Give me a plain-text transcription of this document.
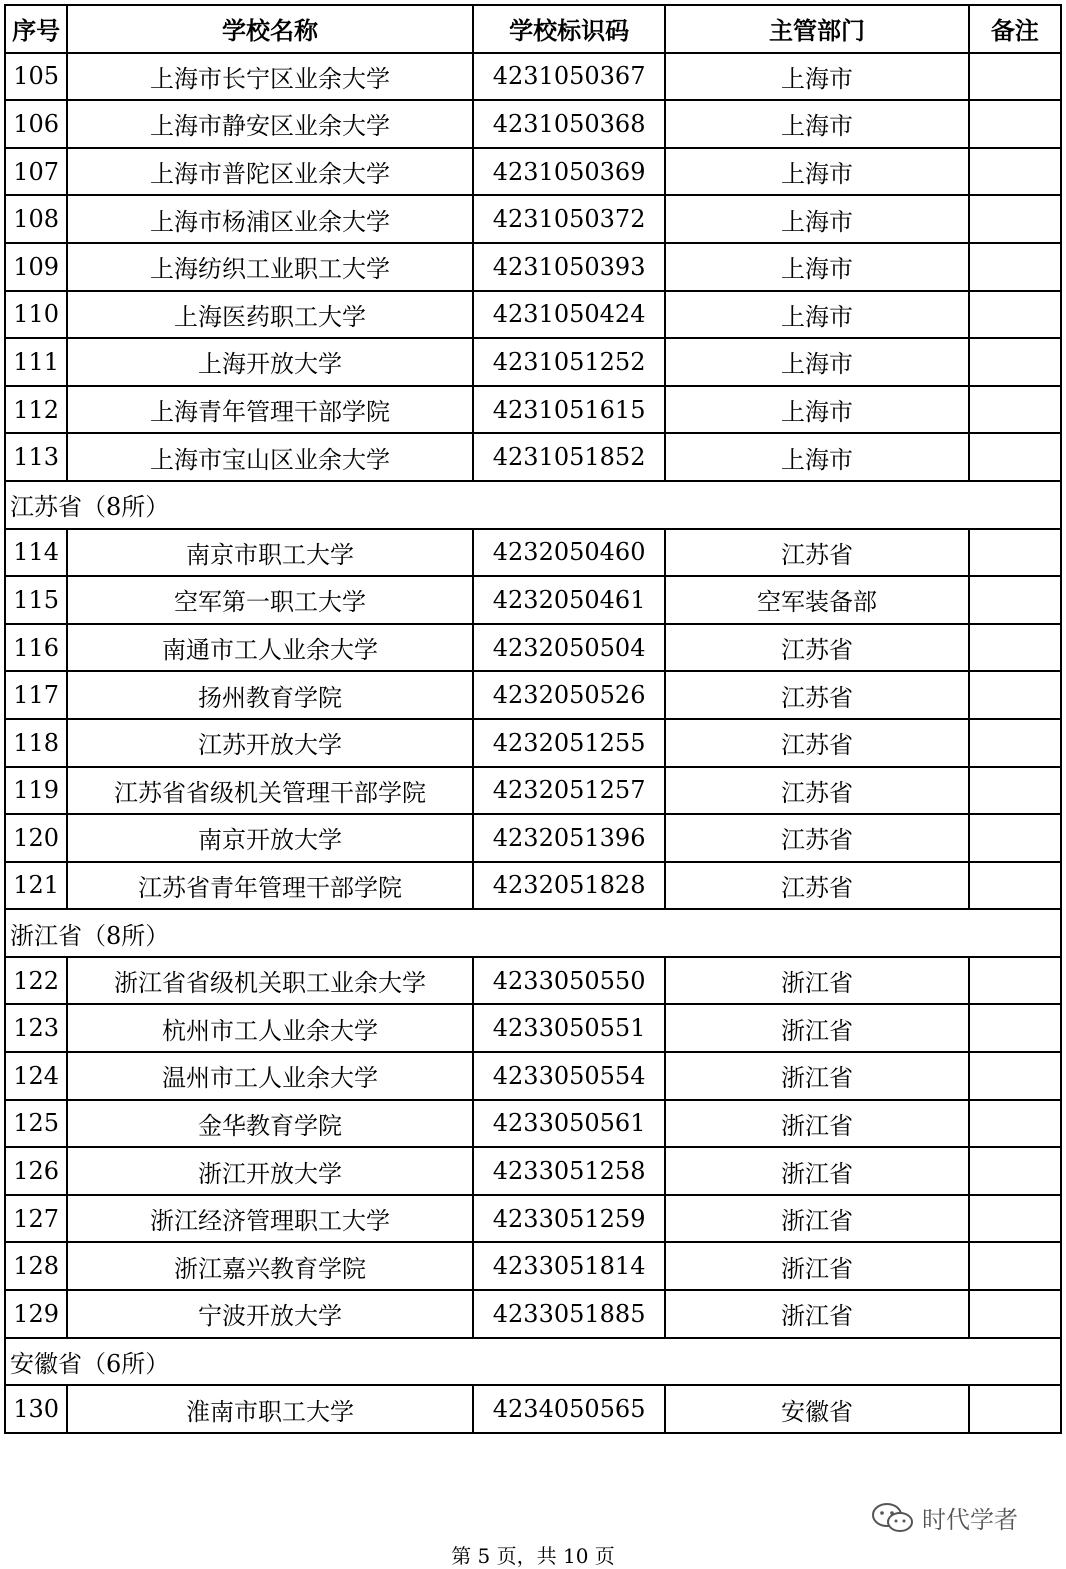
序号	学校名称	学校标识码	主管部门	备注
105	上海市长宁区业余大学	4231050367	上海市	
106	上海市静安区业余大学	4231050368	上海市	
107	上海市普陀区业余大学	4231050369	上海市	
108	上海市杨浦区业余大学	4231050372	上海市	
109	上海纺织工业职工大学	4231050393	上海市	
110	上海医药职工大学	4231050424	上海市	
111	上海开放大学	4231051252	上海市	
112	上海青年管理干部学院	4231051615	上海市	
113	上海市宝山区业余大学	4231051852	上海市	
江苏省（8所）				
114	南京市职工大学	4232050460	江苏省	
115	空军第一职工大学	4232050461	空军装备部	
116	南通市工人业余大学	4232050504	江苏省	
117	扬州教育学院	4232050526	江苏省	
118	江苏开放大学	4232051255	江苏省	
119	江苏省省级机关管理干部学院	4232051257	江苏省	
120	南京开放大学	4232051396	江苏省	
121	江苏省青年管理干部学院	4232051828	江苏省	
浙江省（8所）				
122	浙江省省级机关职工业余大学	4233050550	浙江省	
123	杭州市工人业余大学	4233050551	浙江省	
124	温州市工人业余大学	4233050554	浙江省	
125	金华教育学院	4233050561	浙江省	
126	浙江开放大学	4233051258	浙江省	
127	浙江经济管理职工大学	4233051259	浙江省	
128	浙江嘉兴教育学院	4233051814	浙江省	
129	宁波开放大学	4233051885	浙江省	
安徽省（6所）				
130	淮南市职工大学	4234050565	安徽省	
时代学者
第 5 页，共 10 页
